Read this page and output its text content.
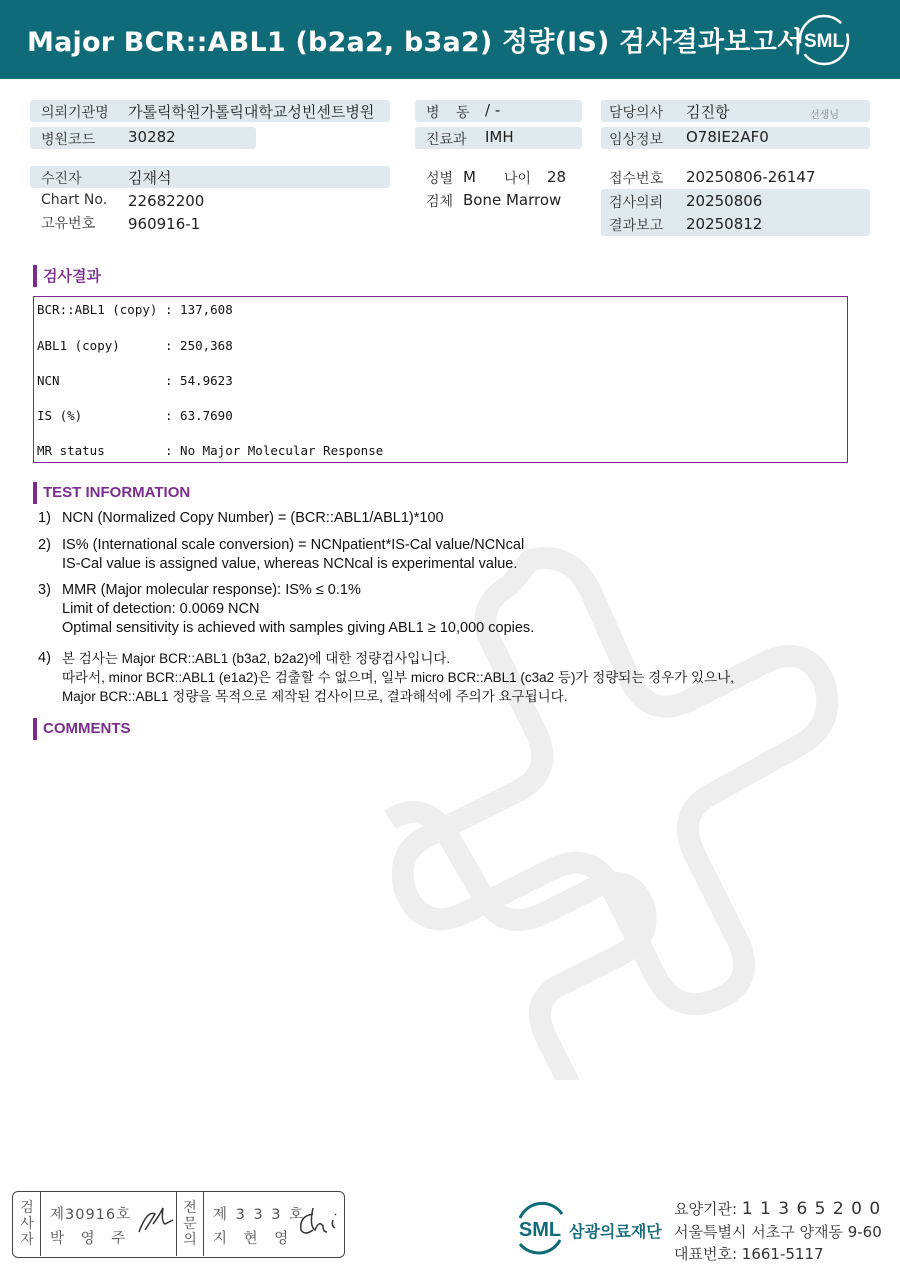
Major BCR::ABL1 (b2a2, b3a2) 정량(IS) 검사결과보고서 SML
의뢰기관명 가톨릭학원가톨릭대학교성빈센트병원
병원코드 30282
병 동 / -
진료과 IMH
담당의사 김진항	선생님
임상정보 O78IE2AF0
수진자	김재석
Chart No. 22682200
고유번호 960916-1
성별 M 나이 28
검체 Bone Marrow
접수번호 20250806-26147
검사의뢰 20250806
결과보고 20250812
검사결과
BCR::ABL1 (copy) : 137,608
ABL1 (copy)	: 250,368
NCN	: 54.9623
IS (%)	: 63.7690
MR status	: No Major Molecular Response
TEST INFORMATION
1) NCN (Normalized Copy Number) = (BCR::ABL1/ABL1)*100
2) IS% (International scale conversion) = NCNpatient*IS-Cal value/NCNcal
IS-Cal value is assigned value, whereas NCNcal is experimental value.
3) MMR (Major molecular response): IS% ≤ 0.1%
Limit of detection: 0.0069 NCN
Optimal sensitivity is achieved with samples giving ABL1 ≥ 10,000 copies.
4) 본 검사는 Major BCR::ABL1 (b3a2, b2a2)에 대한 정량검사입니다.
따라서, minor BCR::ABL1 (e1a2)은 검출할 수 없으며, 일부 micro BCR::ABL1 (c3a2 등)가 정량되는 경우가 있으나,
Major BCR::ABL1 정량을 목적으로 제작된 검사이므로, 결과해석에 주의가 요구됩니다.
COMMENTS
검
사
자
제30916호
박 영 주
전
문
의
제 3 3 3 호
지 현 영	SML 삼광의료재단
요양기관: 1 1 3 6 5 2 0 0
서울특별시 서초구 양재동 9-60
대표번호: 1661-5117
